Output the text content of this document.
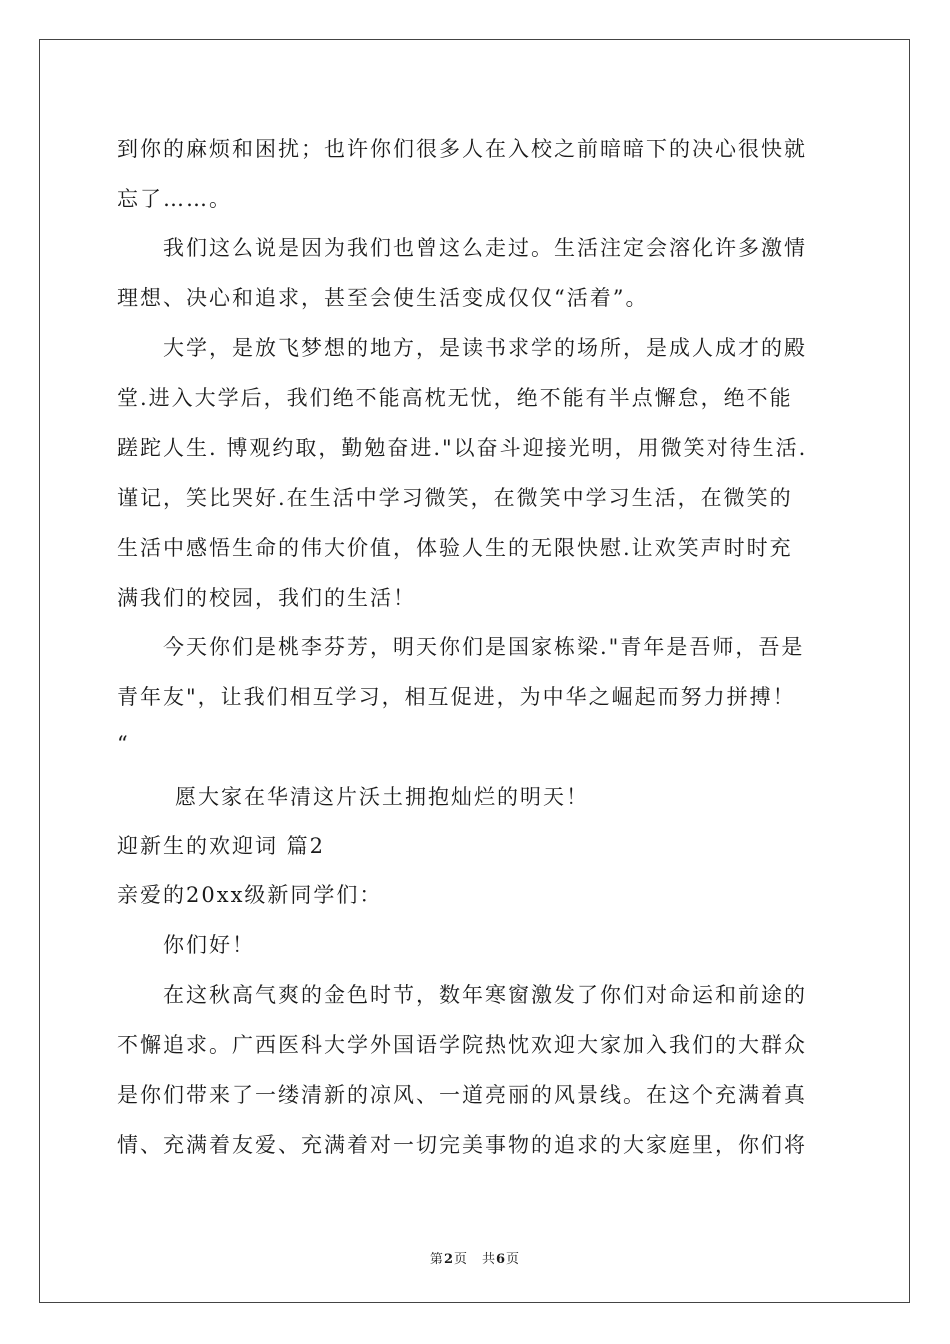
到你的麻烦和困扰；也许你们很多人在入校之前暗暗下的决心很快就
忘了……。
我们这么说是因为我们也曾这么走过。生活注定会溶化许多激情
理想、决心和追求，甚至会使生活变成仅仅“活着”。
大学，是放飞梦想的地方，是读书求学的场所，是成人成才的殿
堂.进入大学后，我们绝不能高枕无忧，绝不能有半点懈怠，绝不能
蹉跎人生. 博观约取，勤勉奋进."以奋斗迎接光明，用微笑对待生活.
谨记，笑比哭好.在生活中学习微笑，在微笑中学习生活，在微笑的
生活中感悟生命的伟大价值，体验人生的无限快慰.让欢笑声时时充
满我们的校园，我们的生活！
今天你们是桃李芬芳，明天你们是国家栋梁."青年是吾师，吾是
青年友"，让我们相互学习，相互促进，为中华之崛起而努力拼搏！
“
愿大家在华清这片沃土拥抱灿烂的明天！
迎新生的欢迎词 篇2
亲爱的20xx级新同学们：
你们好！
在这秋高气爽的金色时节，数年寒窗激发了你们对命运和前途的
不懈追求。广西医科大学外国语学院热忱欢迎大家加入我们的大群众
是你们带来了一缕清新的凉风、一道亮丽的风景线。在这个充满着真
情、充满着友爱、充满着对一切完美事物的追求的大家庭里，你们将
第2页　共6页
